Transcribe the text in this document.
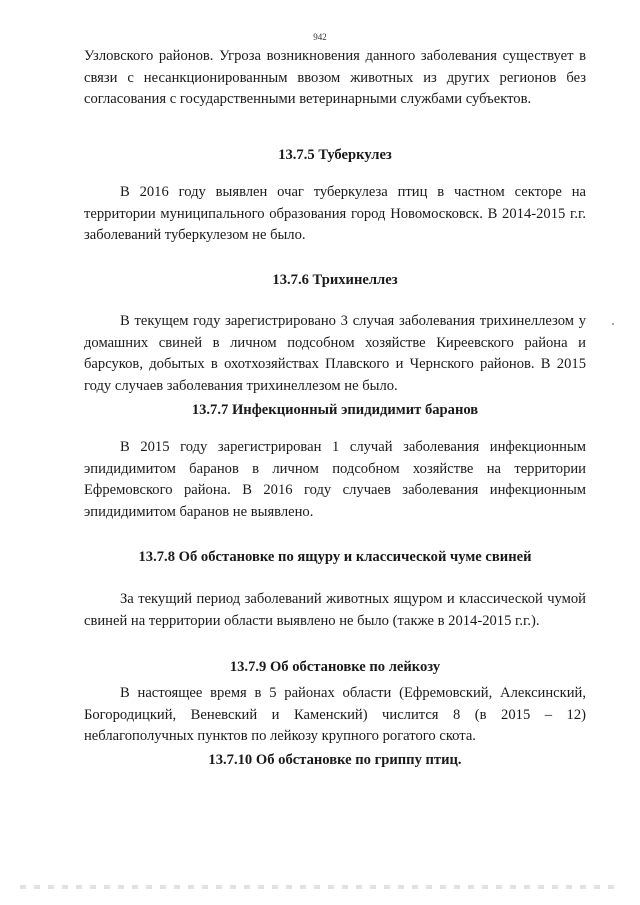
942

Узловского районов. Угроза возникновения данного заболевания существует в связи с несанкционированным ввозом животных из других регионов без согласования с государственными ветеринарными службами субъектов.

13.7.5 Туберкулез

В 2016 году выявлен очаг туберкулеза птиц в частном секторе на территории муниципального образования город Новомосковск. В 2014-2015 г.г. заболеваний туберкулезом не было.

13.7.6 Трихинеллез

В текущем году зарегистрировано 3 случая заболевания трихинеллезом у домашних свиней в личном подсобном хозяйстве Киреевского района и барсуков, добытых в охотхозяйствах Плавского и Чернского районов. В 2015 году случаев заболевания трихинеллезом не было.

13.7.7 Инфекционный эпидидимит баранов

В 2015 году зарегистрирован 1 случай заболевания инфекционным эпидидимитом баранов в личном подсобном хозяйстве на территории Ефремовского района. В 2016 году случаев заболевания инфекционным эпидидимитом баранов не выявлено.

13.7.8 Об обстановке по ящуру и классической чуме свиней

За текущий период заболеваний животных ящуром и классической чумой свиней на территории области выявлено не было (также в 2014-2015 г.г.).

13.7.9 Об обстановке по лейкозу

В настоящее время в 5 районах области (Ефремовский, Алексинский, Богородицкий, Веневский и Каменский) числится 8 (в 2015 – 12) неблагополучных пунктов по лейкозу крупного рогатого скота.

13.7.10 Об обстановке по гриппу птиц.
